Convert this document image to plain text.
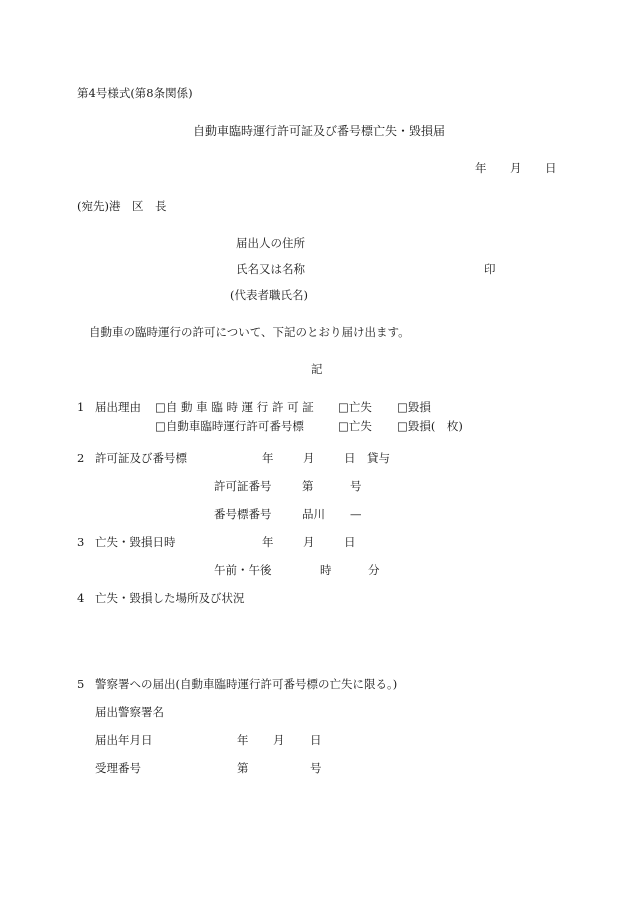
第4号様式(第8条関係)
自動車臨時運行許可証及び番号標亡失・毀損届
年 月 日
(宛先)港　区　長
届出人の住所
氏名又は名称	印
(代表者職氏名)
自動車の臨時運行の許可について、下記のとおり届け出ます。
記
1 届出理由 □自 動 車 臨 時 運 行 許 可 証 □亡失 □毀損
□自動車臨時運行許可番号標	□亡失 □毀損(　枚)
2 許可証及び番号標	年	月	日 貸与
許可証番号	第	号
番号標番号	品川 —
3 亡失・毀損日時	年	月	日
午前・午後	時	分
4 亡失・毀損した場所及び状況
5 警察署への届出(自動車臨時運行許可番号標の亡失に限る。)
届出警察署名
届出年月日	年 月 日
受理番号	第	号
